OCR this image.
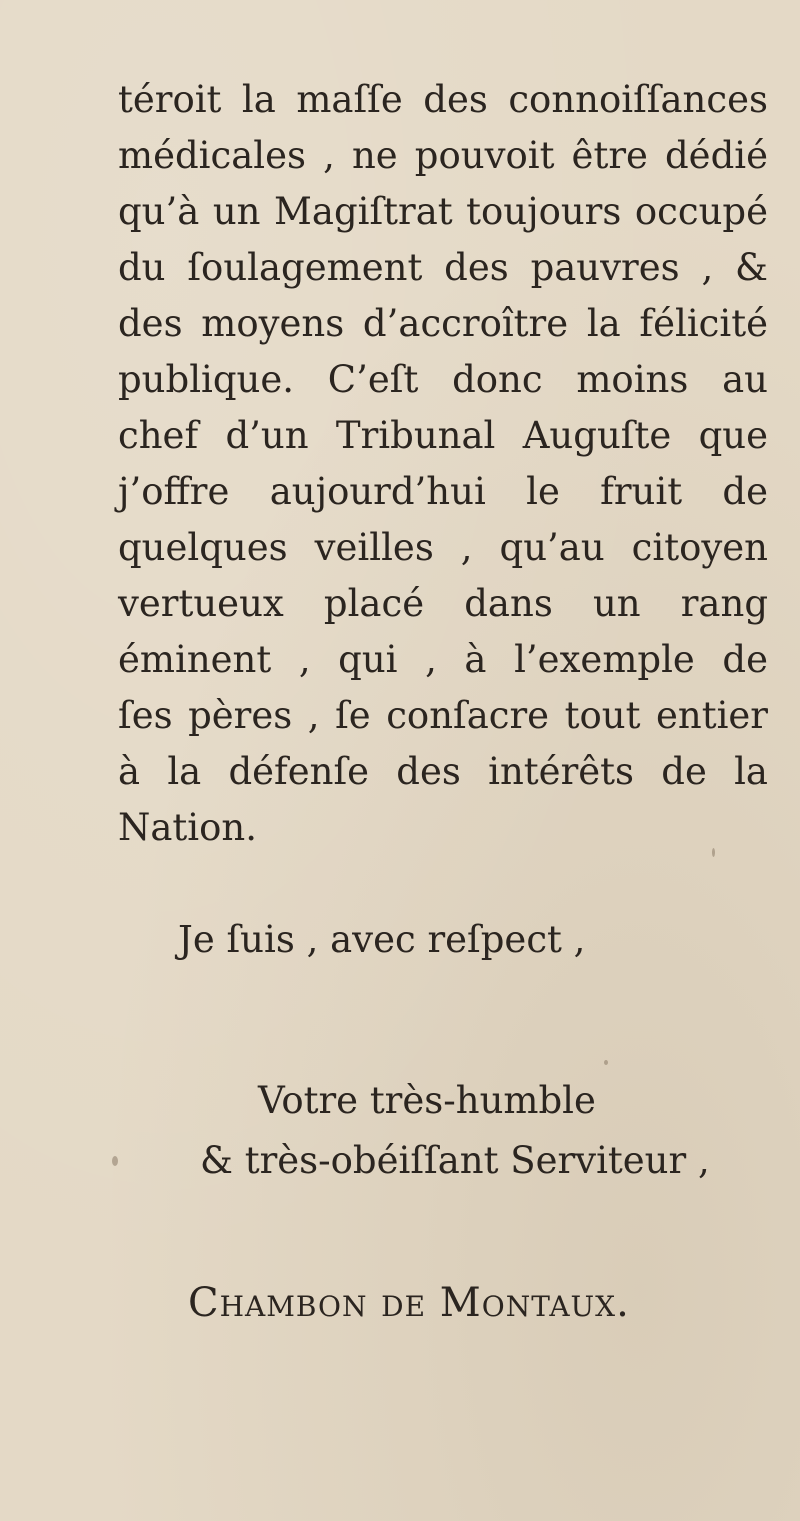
téroit la maſſe des connoiſſances
médicales , ne pouvoit être dédié
qu’à un Magiſtrat toujours occupé
du ſoulagement des pauvres , &
des moyens d’accroître la félicité
publique. C’eſt donc moins au
chef d’un Tribunal Auguſte que
j’offre aujourd’hui le fruit de
quelques veilles , qu’au citoyen
vertueux placé dans un rang
éminent , qui , à l’exemple de
ſes pères , ſe conſacre tout entier
à la défenſe des intérêts de la
Nation.

Je ſuis , avec reſpect ,

Votre très-humble

& très-obéiſſant Serviteur ,

Chambon de Montaux.
